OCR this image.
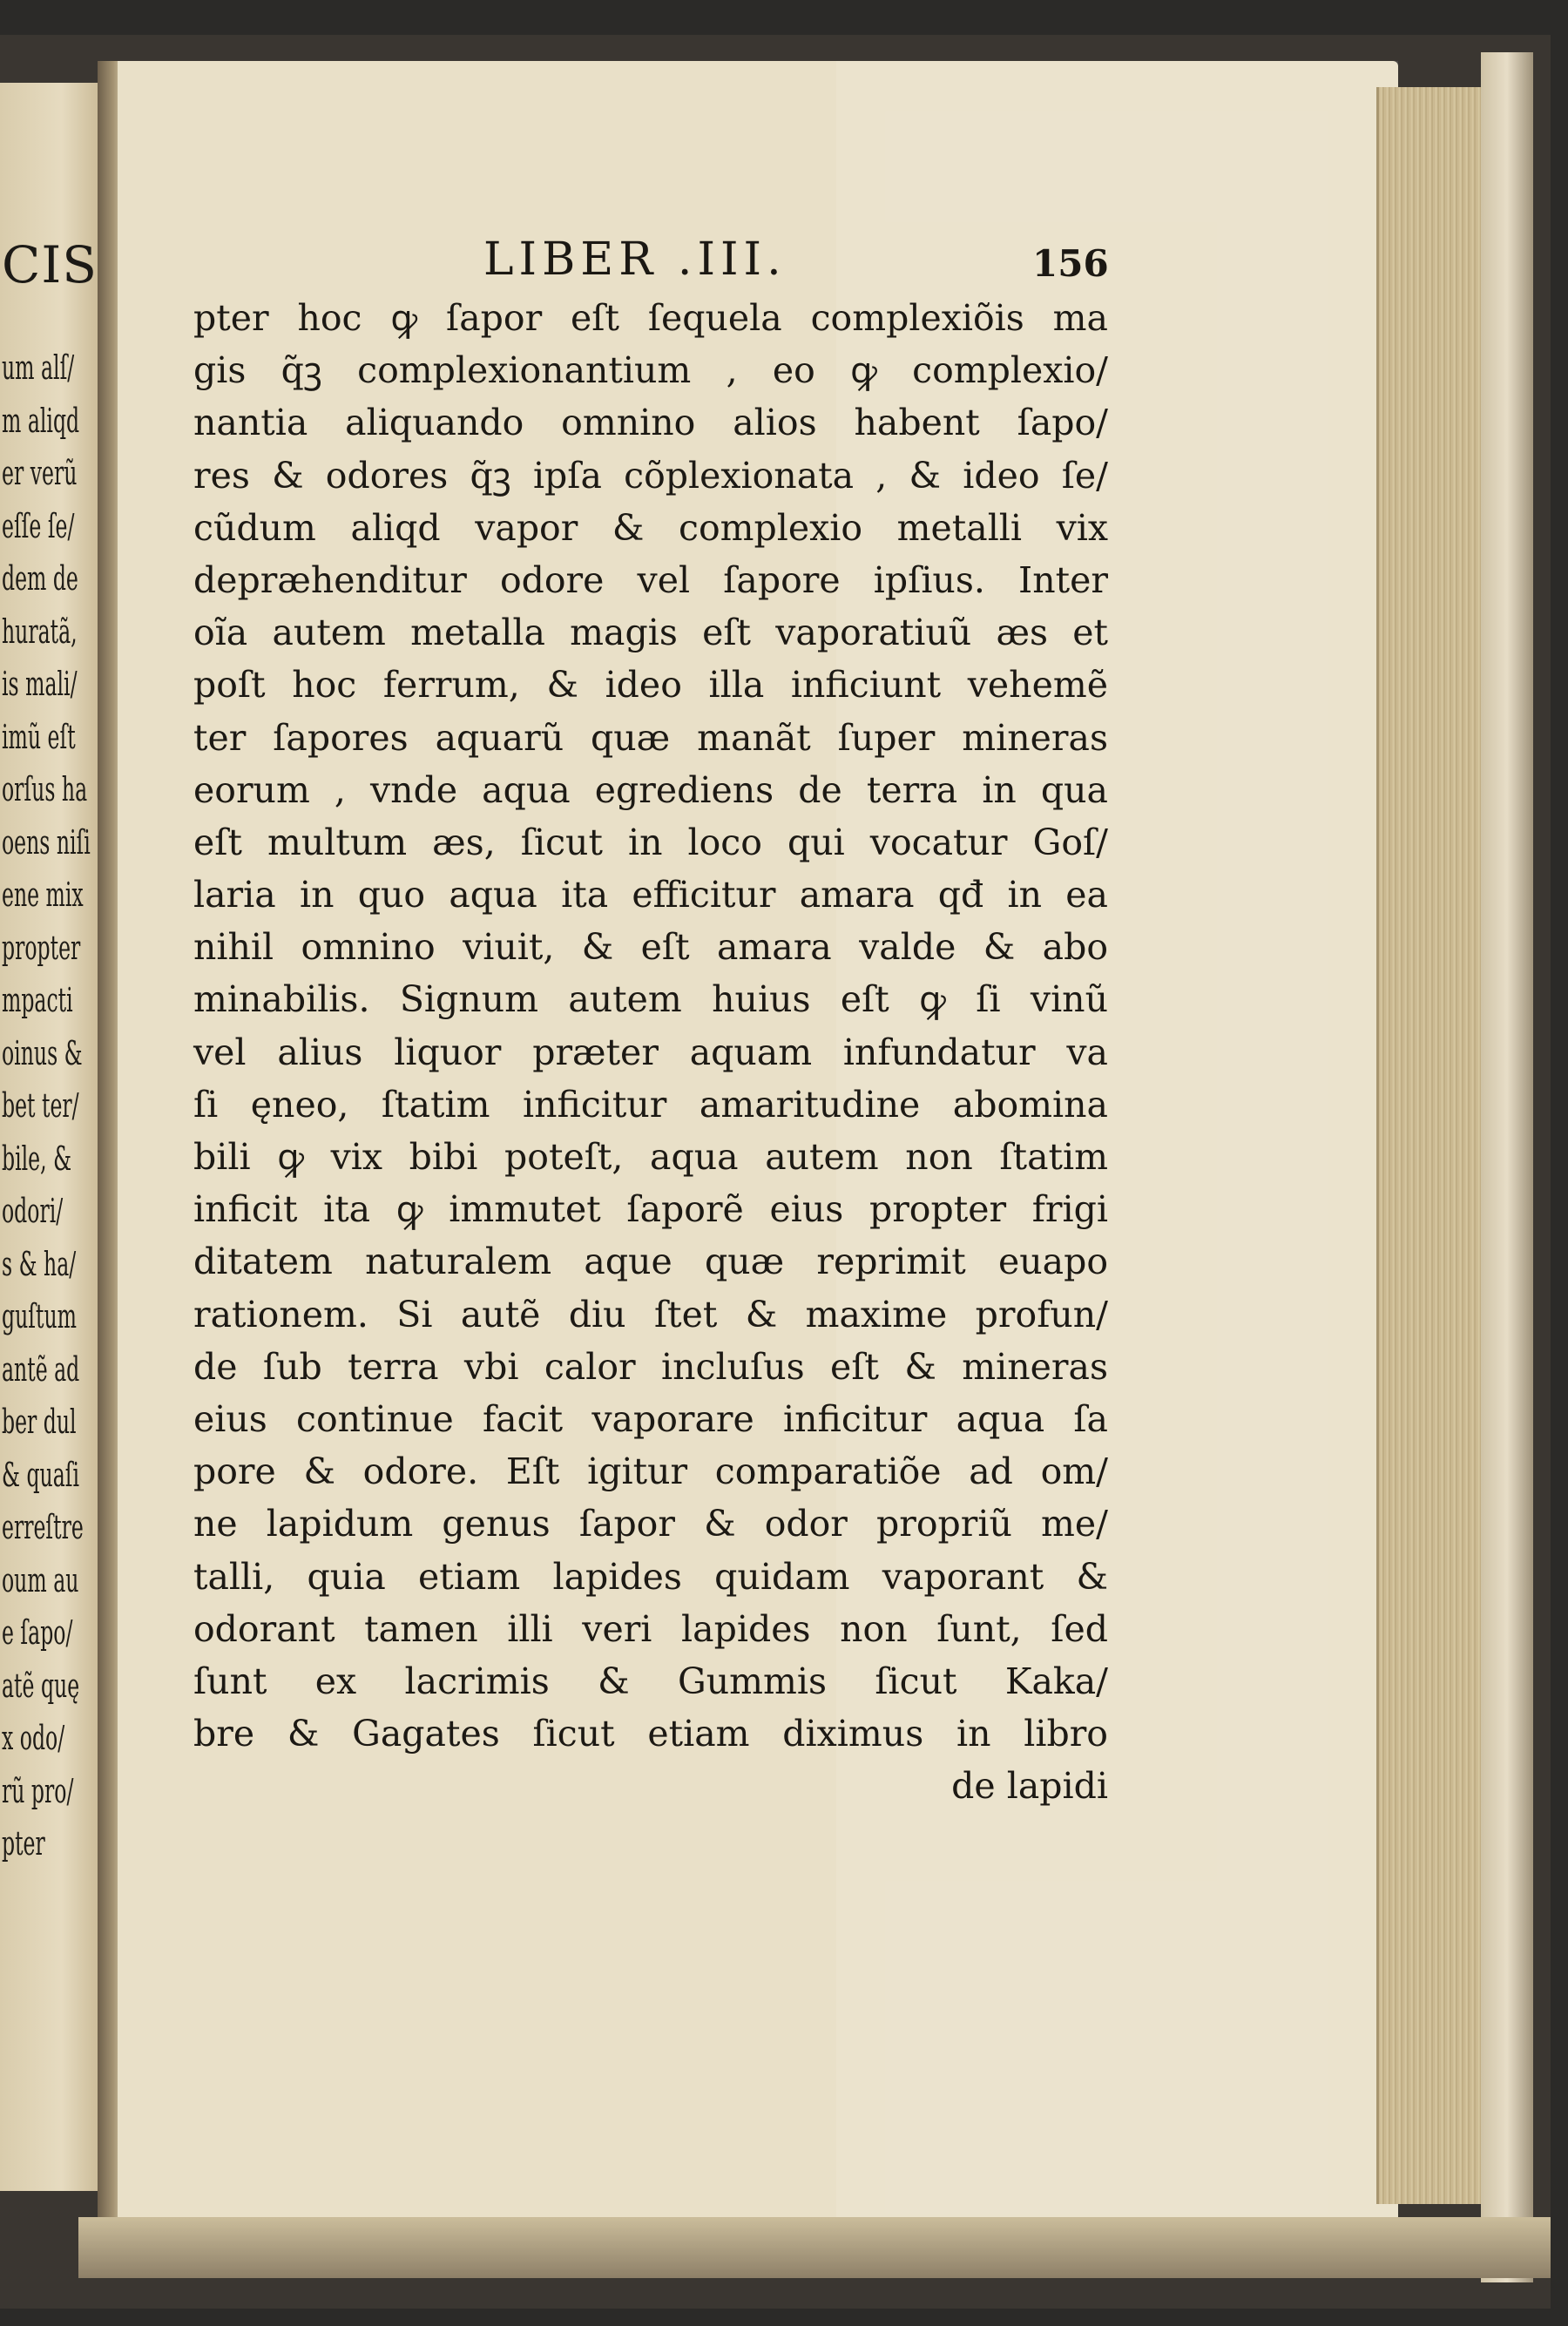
CIS
um alſ/
m aliqd
er verũ
eſſe ſe/
dem de
huratã,
is mali/
imũ eſt
orſus ha
oens niſi
ene mix
propter
mpacti
oinus &
bet ter/
bile, &
odori/
s & ha/
guſtum
antẽ ad
ber dul
& quaſi
erreſtre
oum au
e ſapo/
atẽ quę
x odo/
rũ pro/
pter
LIBER .III.	156
pter hoc ꝙ ſapor eſt ſequela complexiõis ma
gis q̃ꝫ complexionantium , eo ꝙ complexio/
nantia aliquando omnino alios habent ſapo/
res & odores q̃ꝫ ipſa cõplexionata , & ideo ſe/
cũdum aliqd vapor & complexio metalli vix
depræhenditur odore vel ſapore ipſius. Inter
oĩa autem metalla magis eſt vaporatiuũ æs et
poſt hoc ferrum, & ideo illa inficiunt vehemẽ
ter ſapores aquarũ quæ manãt ſuper mineras
eorum , vnde aqua egrediens de terra in qua
eſt multum æs, ſicut in loco qui vocatur Goſ/
laria in quo aqua ita efficitur amara qđ in ea
nihil omnino viuit, & eſt amara valde & abo
minabilis. Signum autem huius eſt ꝙ ſi vinũ
vel alius liquor præter aquam infundatur va
ſi ęneo, ſtatim inficitur amaritudine abomina
bili ꝙ vix bibi poteſt, aqua autem non ſtatim
inficit ita ꝙ immutet ſaporẽ eius propter frigi
ditatem naturalem aque quæ reprimit euapo
rationem. Si autẽ diu ſtet & maxime profun/
de ſub terra vbi calor incluſus eſt & mineras
eius continue facit vaporare inficitur aqua ſa
pore & odore. Eſt igitur comparatiõe ad om/
ne lapidum genus ſapor & odor propriũ me/
talli, quia etiam lapides quidam vaporant &
odorant tamen illi veri lapides non ſunt, ſed
ſunt ex lacrimis & Gummis ſicut Kaka/
bre & Gagates ſicut etiam diximus in libro
de lapidi
